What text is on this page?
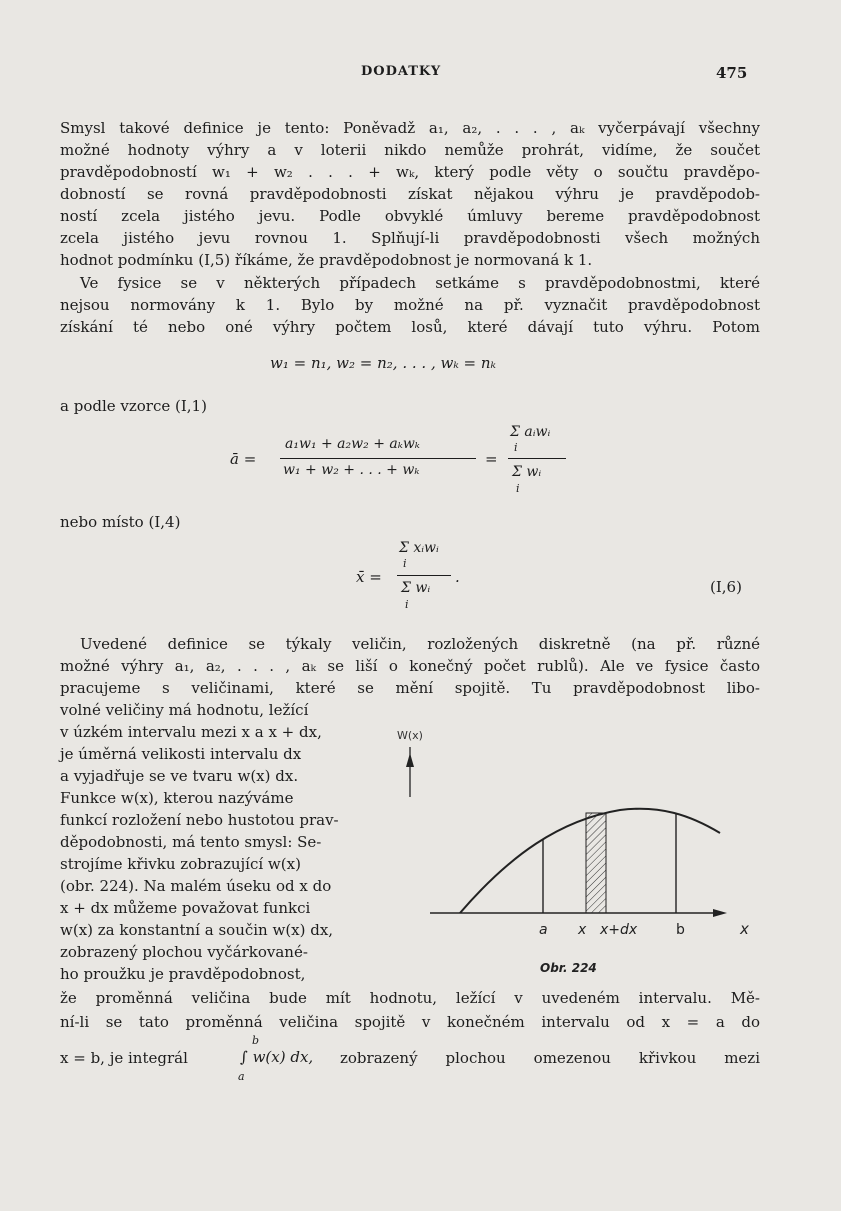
DODATKY	475
Smysl takové definice je tento: Poněvadž a₁, a₂, . . . , aₖ vyčerpávají všechny
možné hodnoty výhry a v loterii nikdo nemůže prohrát, vidíme, že součet
pravděpodobností w₁ + w₂ . . . + wₖ, který podle věty o součtu pravděpo-
dobností se rovná pravděpodobnosti získat nějakou výhru je pravděpodob-
ností zcela jistého jevu. Podle obvyklé úmluvy bereme pravděpodobnost
zcela jistého jevu rovnou 1. Splňují-li pravděpodobnosti všech možných
hodnot podmínku (I,5) říkáme, že pravděpodobnost je normovaná k 1.
Ve fysice se v některých případech setkáme s pravděpodobnostmi, které
nejsou normovány k 1. Bylo by možné na př. vyznačit pravděpodobnost
získání té nebo oné výhry počtem losů, které dávají tuto výhru. Potom
w₁ = n₁, w₂ = n₂, . . . , wₖ = nₖ
a podle vzorce (I,1)
ā =
a₁w₁ + a₂w₂ + aₖwₖ
w₁ + w₂ + . . . + wₖ
=
Σ aᵢwᵢ
i
Σ wᵢ
i
nebo místo (I,4)
x̄ =
Σ xᵢwᵢ
i
Σ wᵢ
i
.
(I,6)
Uvedené definice se týkaly veličin, rozložených diskretně (na př. různé
možné výhry a₁, a₂, . . . , aₖ se liší o konečný počet rublů). Ale ve fysice často
pracujeme s veličinami, které se mění spojitě. Tu pravděpodobnost libo-
volné veličiny má hodnotu, ležící
v úzkém intervalu mezi x a x + dx,
je úměrná velikosti intervalu dx
a vyjadřuje se ve tvaru w(x) dx.
Funkce w(x), kterou nazýváme
funkcí rozložení nebo hustotou prav-
děpodobnosti, má tento smysl: Se-
strojíme křivku zobrazující w(x)
(obr. 224). Na malém úseku od x do
x + dx můžeme považovat funkci
w(x) za konstantní a součin w(x) dx,
zobrazený plochou vyčárkované-
ho proužku je pravděpodobnost,
W(x)
a x x+dx	b	x
Obr. 224
že proměnná veličina bude mít hodnotu, ležící v uvedeném intervalu. Mě-
ní-li se tato proměnná veličina spojitě v konečném intervalu od x = a do
x = b, je integrál
b
∫ w(x) dx,
a
zobrazený plochou omezenou křivkou mezi
